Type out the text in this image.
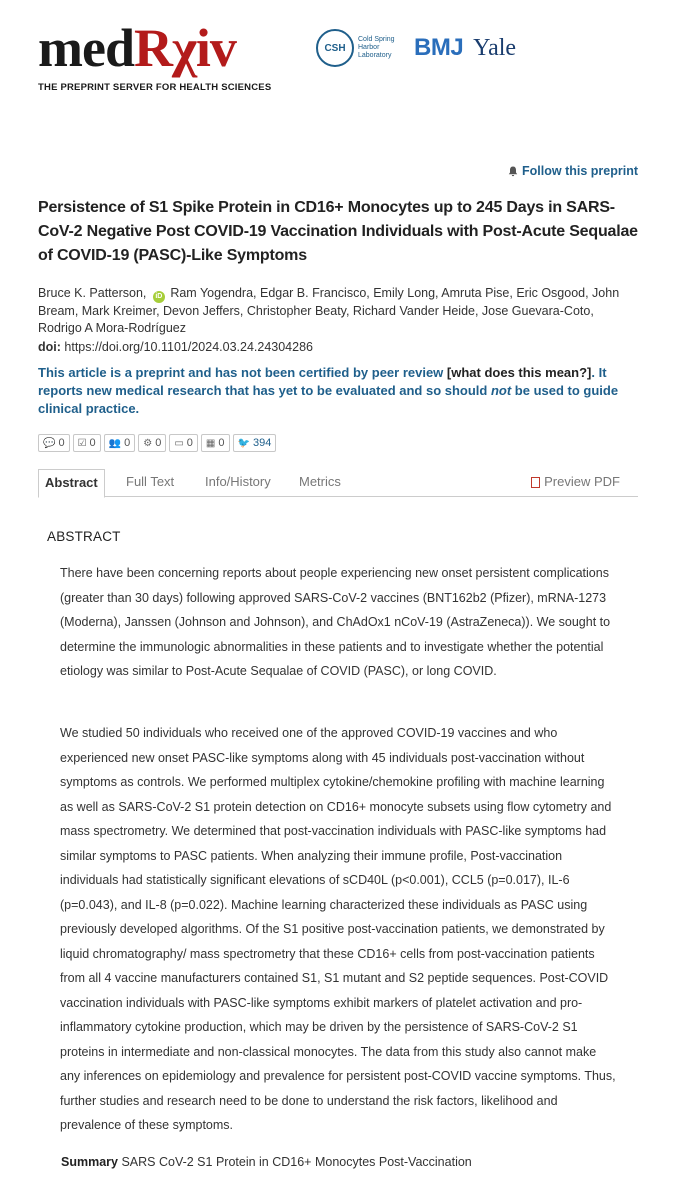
medRχiv
THE PREPRINT SERVER FOR HEALTH SCIENCES
CSH
Cold Spring Harbor Laboratory BMJ Yale
Follow this preprint
Persistence of S1 Spike Protein in CD16+ Monocytes up to 245 Days in SARS-CoV-2 Negative Post COVID-19 Vaccination Individuals with Post-Acute Sequalae of COVID-19 (PASC)-Like Symptoms
Bruce K. Patterson, iD Ram Yogendra, Edgar B. Francisco, Emily Long, Amruta Pise, Eric Osgood, John Bream, Mark Kreimer, Devon Jeffers, Christopher Beaty, Richard Vander Heide, Jose Guevara-Coto, Rodrigo A Mora-Rodríguez
doi: https://doi.org/10.1101/2024.03.24.24304286
This article is a preprint and has not been certified by peer review [what does this mean?]. It reports new medical research that has yet to be evaluated and so should not be used to guide clinical practice.
💬 0 ☑ 0 👥 0 ⚙ 0 ▭ 0 ▦ 0 🐦 394
Abstract	Full Text Info/History Metrics	Preview PDF
ABSTRACT

There have been concerning reports about people experiencing new onset persistent complications (greater than 30 days) following approved SARS-CoV-2 vaccines (BNT162b2 (Pfizer), mRNA-1273 (Moderna), Janssen (Johnson and Johnson), and ChAdOx1 nCoV-19 (AstraZeneca)). We sought to determine the immunologic abnormalities in these patients and to investigate whether the potential etiology was similar to Post-Acute Sequalae of COVID (PASC), or long COVID.

We studied 50 individuals who received one of the approved COVID-19 vaccines and who experienced new onset PASC-like symptoms along with 45 individuals post-vaccination without symptoms as controls. We performed multiplex cytokine/chemokine profiling with machine learning as well as SARS-CoV-2 S1 protein detection on CD16+ monocyte subsets using flow cytometry and mass spectrometry. We determined that post-vaccination individuals with PASC-like symptoms had similar symptoms to PASC patients. When analyzing their immune profile, Post-vaccination individuals had statistically significant elevations of sCD40L (p<0.001), CCL5 (p=0.017), IL-6 (p=0.043), and IL-8 (p=0.022). Machine learning characterized these individuals as PASC using previously developed algorithms. Of the S1 positive post-vaccination patients, we demonstrated by liquid chromatography/ mass spectrometry that these CD16+ cells from post-vaccination patients from all 4 vaccine manufacturers contained S1, S1 mutant and S2 peptide sequences. Post-COVID vaccination individuals with PASC-like symptoms exhibit markers of platelet activation and pro-inflammatory cytokine production, which may be driven by the persistence of SARS-CoV-2 S1 proteins in intermediate and non-classical monocytes. The data from this study also cannot make any inferences on epidemiology and prevalence for persistent post-COVID vaccine symptoms. Thus, further studies and research need to be done to understand the risk factors, likelihood and prevalence of these symptoms.

Summary SARS CoV-2 S1 Protein in CD16+ Monocytes Post-Vaccination
